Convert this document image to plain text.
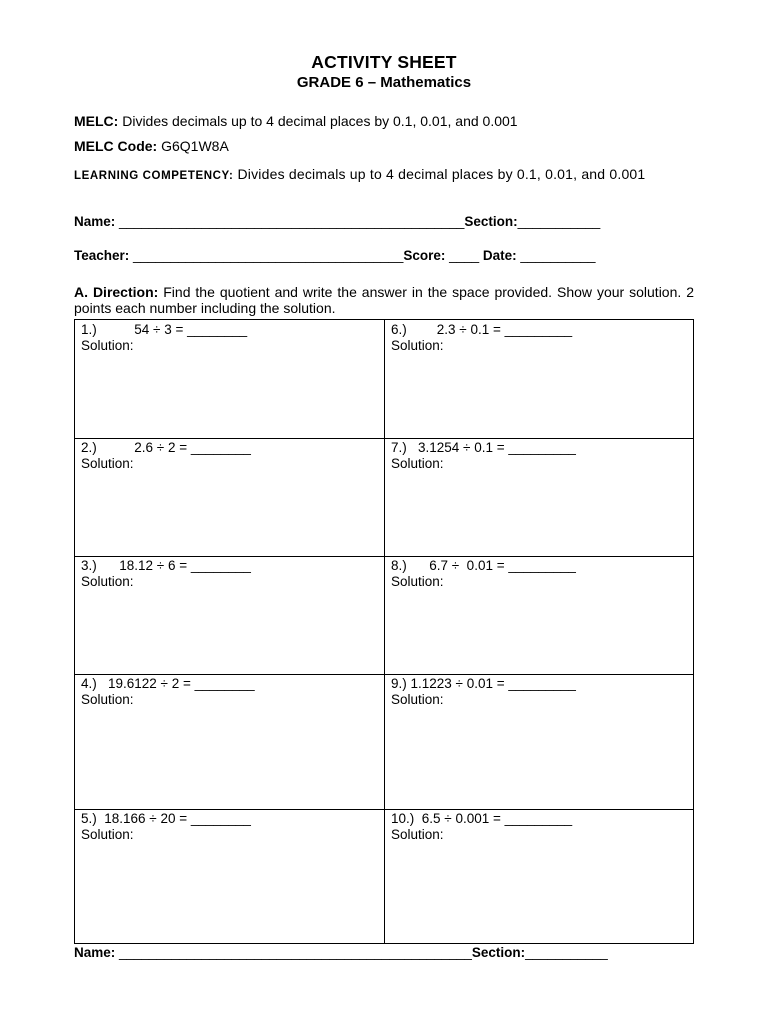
ACTIVITY SHEET
GRADE 6 – Mathematics
MELC: Divides decimals up to 4 decimal places by 0.1, 0.01, and 0.001
MELC Code: G6Q1W8A
LEARNING COMPETENCY: Divides decimals up to 4 decimal places by 0.1, 0.01, and 0.001
Name: ______________________________________________Section:___________
Teacher: ____________________________________Score: ____ Date: __________
A. Direction: Find the quotient and write the answer in the space provided. Show your solution. 2 points each number including the solution.
1.)          54 ÷ 3 = ________
Solution:
2.)          2.6 ÷ 2 = ________
Solution:
3.)      18.12 ÷ 6 = ________
Solution:
4.)   19.6122 ÷ 2 = ________
Solution:
5.)  18.166 ÷ 20 = ________
Solution:
6.)        2.3 ÷ 0.1 = _________
Solution:
7.)   3.1254 ÷ 0.1 = _________
Solution:
8.)      6.7 ÷  0.01 = _________
Solution:
9.) 1.1223 ÷ 0.01 = _________
Solution:
10.)  6.5 ÷ 0.001 = _________
Solution:
Name: _______________________________________________Section:___________
